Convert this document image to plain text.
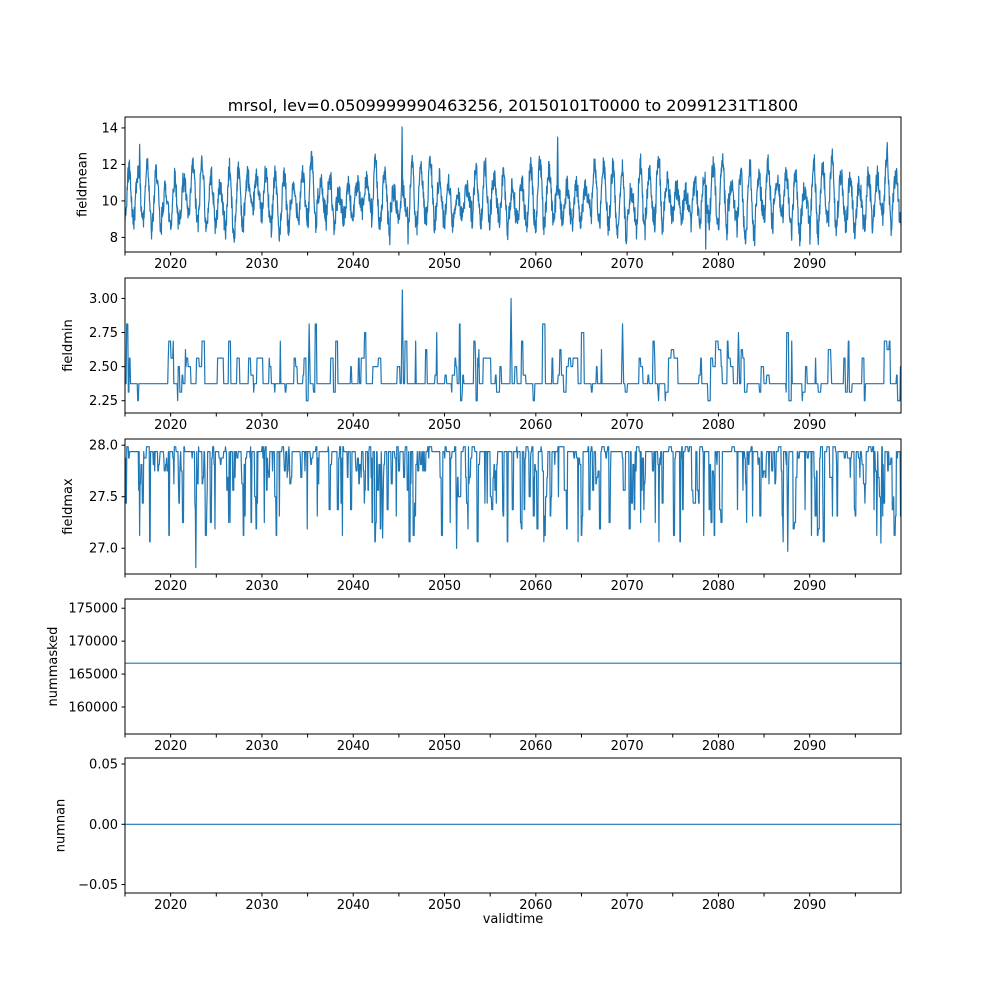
mrsol, lev=0.0509999990463256, 20150101T0000 to 20991231T1800
2020	2030	2040	2050	2060	2070	2080	2090
8
10
12
14
fieldmean
2020	2030	2040	2050	2060	2070	2080	2090
2.25
2.50
2.75
3.00
fieldmin
2020	2030	2040	2050	2060	2070	2080	2090
27.0
27.5
28.0
fieldmax
2020	2030	2040	2050	2060	2070	2080	2090
160000
165000
170000
175000
nummasked
2020	2030	2040	2050	2060	2070	2080	2090
−0.05
0.00
0.05
numnan
validtime
